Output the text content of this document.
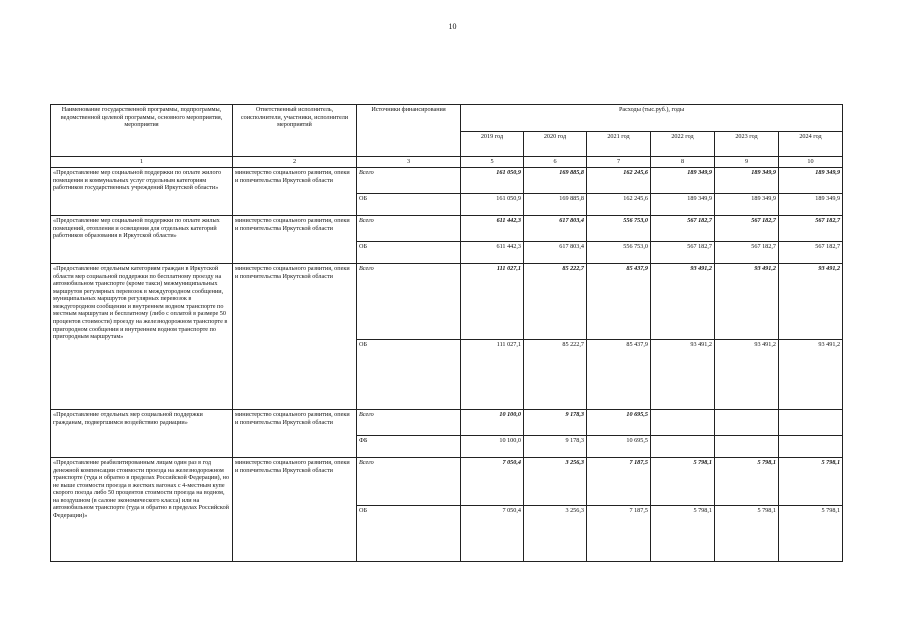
10
Наименование государственной программы, подпрограммы, ведомственной целевой программы, основного мероприятия, мероприятия	Ответственный исполнитель, соисполнители, участники, исполнители мероприятий	Источники финансирования	Расходы (тыс.руб.), годы					
			2019 год	2020 год	2021 год	2022 год	2023 год	2024 год
1	2	3	5	6	7	8	9	10
«Предоставление мер социальной поддержки по оплате жилого помещения и коммунальных услуг отдельным категориям работников государственных учреждений Иркутской области»	министерство социального развития, опеки и попечительства Иркутской области	Всего	161 050,9	169 885,8	162 245,6	189 349,9	189 349,9	189 349,9
		ОБ	161 050,9	169 885,8	162 245,6	189 349,9	189 349,9	189 349,9
«Предоставление мер социальной поддержки по оплате жилых помещений, отопления и освещения для отдельных категорий работников образования в Иркутской области»	министерство социального развития, опеки и попечительства Иркутской области	Всего	611 442,3	617 803,4	556 753,0	567 182,7	567 182,7	567 182,7
		ОБ	611 442,3	617 803,4	556 753,0	567 182,7	567 182,7	567 182,7
«Предоставление отдельным категориям граждан в Иркутской области мер социальной поддержки по бесплатному проезду на автомобильном транспорте (кроме такси) межмуниципальных маршрутов регулярных перевозок в междугородном сообщении, муниципальных маршрутов регулярных перевозок в междугородном сообщении и внутреннем водном транспорте по местным маршрутам и бесплатному (либо с оплатой в размере 50 процентов стоимости) проезду на железнодорожном транспорте в пригородном сообщении и внутреннем водном транспорте по пригородным маршрутам»	министерство социального развития, опеки и попечительства Иркутской области	Всего	111 027,1	85 222,7	85 437,9	93 491,2	93 491,2	93 491,2
		ОБ	111 027,1	85 222,7	85 437,9	93 491,2	93 491,2	93 491,2
«Предоставление отдельных мер социальной поддержки гражданам, подвергшимся воздействию радиации»	министерство социального развития, опеки и попечительства Иркутской области	Всего	10 100,0	9 178,3	10 695,5			
		ФБ	10 100,0	9 178,3	10 695,5			
«Предоставление реабилитированным лицам один раз в год денежной компенсации стоимости проезда на железнодорожном транспорте (туда и обратно в пределах Российской Федерации), но не выше стоимости проезда в жестких вагонах с 4-местным купе скорого поезда либо 50 процентов стоимости проезда на водном, на воздушном (в салоне экономического класса) или на автомобильном транспорте (туда и обратно в пределах Российской Федерации)»	министерство социального развития, опеки и попечительства Иркутской области	Всего	7 050,4	3 256,3	7 187,5	5 798,1	5 798,1	5 798,1
		ОБ	7 050,4	3 256,3	7 187,5	5 798,1	5 798,1	5 798,1
